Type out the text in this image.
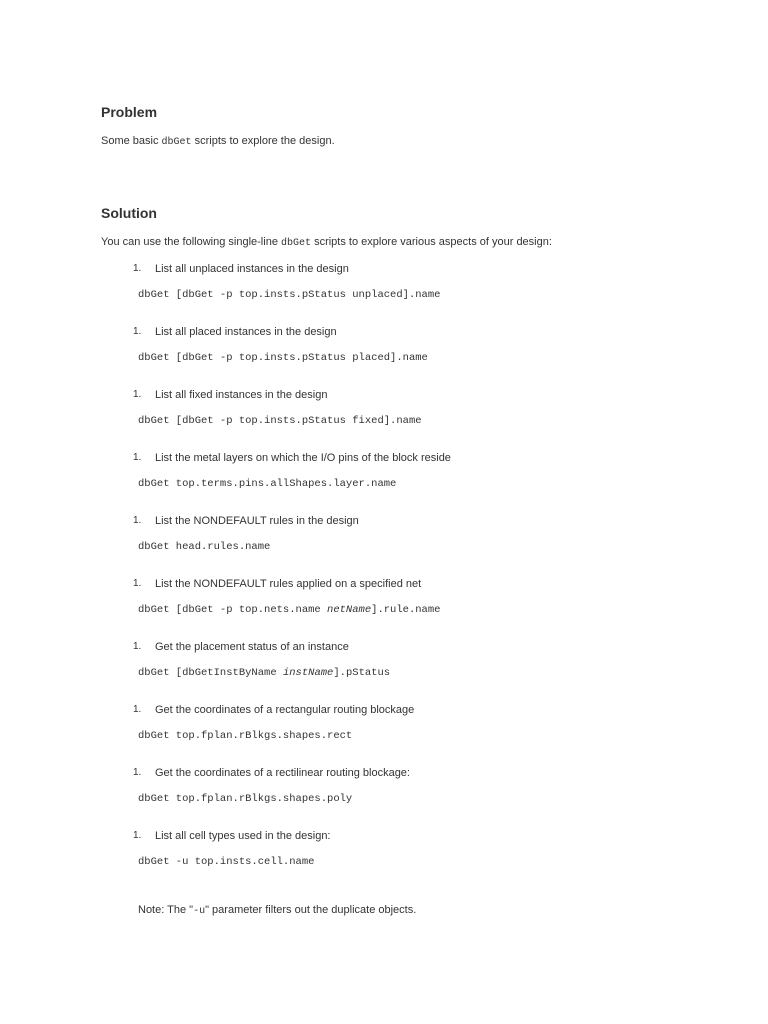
Problem

Some basic dbGet scripts to explore the design.

Solution

You can use the following single-line dbGet scripts to explore various aspects of your design:

1. List all unplaced instances in the design
dbGet [dbGet -p top.insts.pStatus unplaced].name
1. List all placed instances in the design
dbGet [dbGet -p top.insts.pStatus placed].name
1. List all fixed instances in the design
dbGet [dbGet -p top.insts.pStatus fixed].name
1. List the metal layers on which the I/O pins of the block reside
dbGet top.terms.pins.allShapes.layer.name
1. List the NONDEFAULT rules in the design
dbGet head.rules.name
1. List the NONDEFAULT rules applied on a specified net
dbGet [dbGet -p top.nets.name netName].rule.name
1. Get the placement status of an instance
dbGet [dbGetInstByName instName].pStatus
1. Get the coordinates of a rectangular routing blockage
dbGet top.fplan.rBlkgs.shapes.rect
1. Get the coordinates of a rectilinear routing blockage:
dbGet top.fplan.rBlkgs.shapes.poly
1. List all cell types used in the design:
dbGet -u top.insts.cell.name

Note: The "-u" parameter filters out the duplicate objects.
